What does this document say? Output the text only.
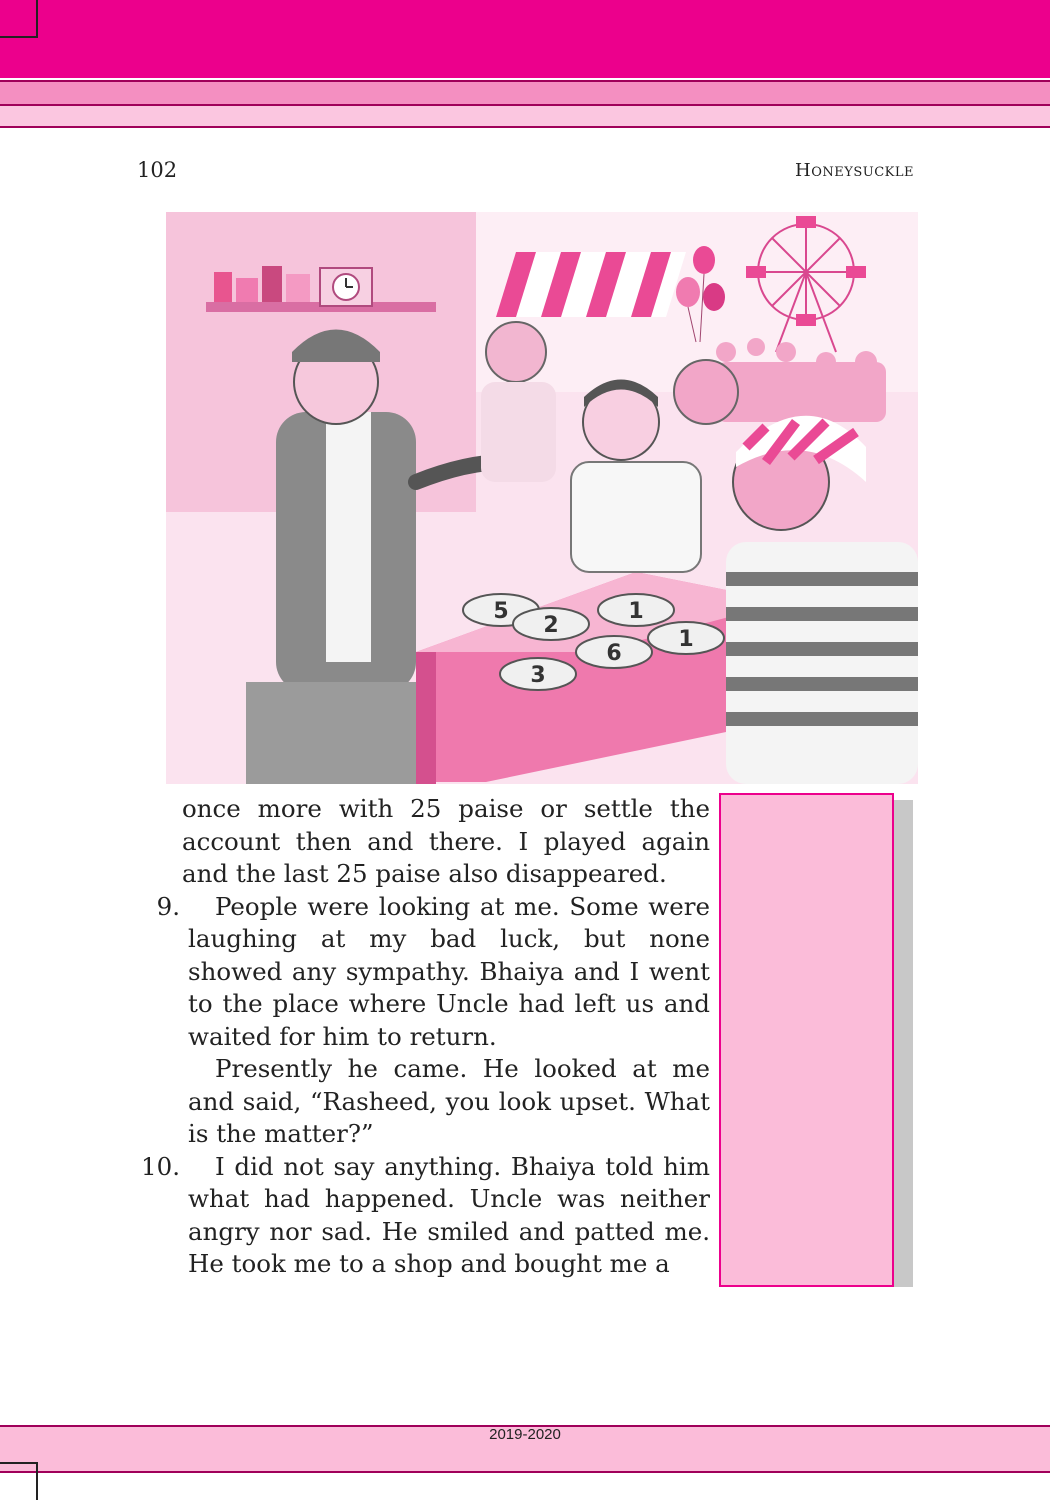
102	Honeysuckle
5
2
1
1
3
6

once more with 25 paise or settle the account then and there. I played again and the last 25 paise also disappeared.

9. People were looking at me. Some were laughing at my bad luck, but none showed any sympathy. Bhaiya and I went to the place where Uncle had left us and waited for him to return.

Presently he came. He looked at me and said, “Rasheed, you look upset. What is the matter?”

10. I did not say anything. Bhaiya told him what had happened. Uncle was neither angry nor sad. He smiled and patted me. He took me to a shop and bought me a

2019-2020
